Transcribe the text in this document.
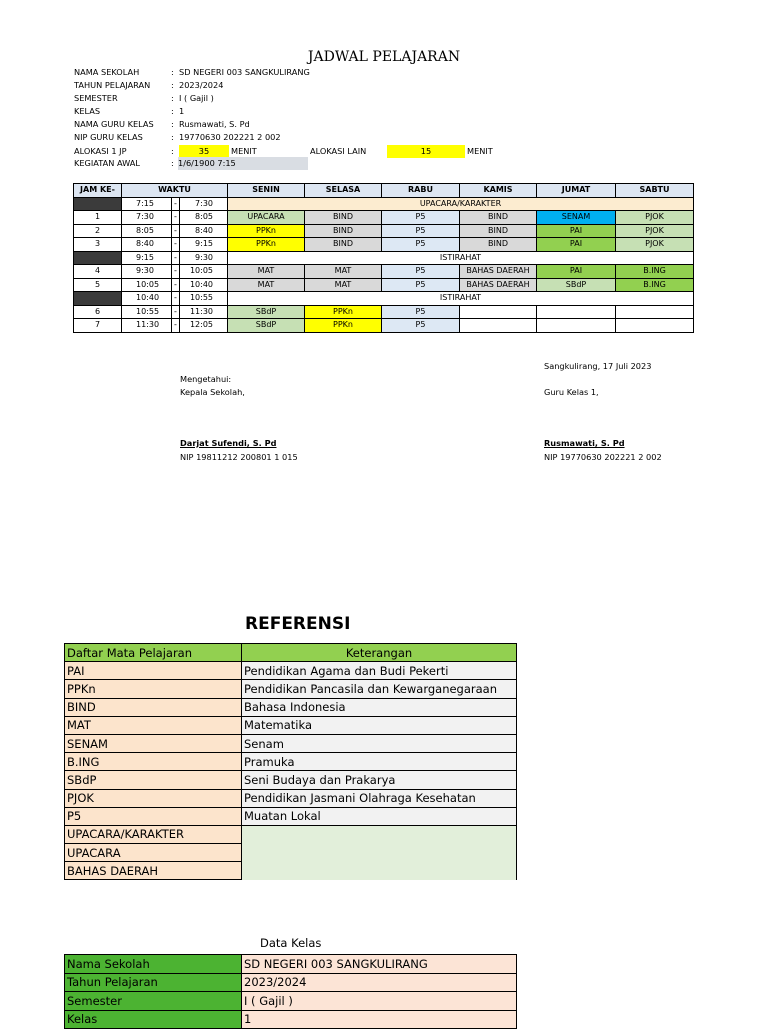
JADWAL PELAJARAN
NAMA SEKOLAH	: SD NEGERI 003 SANGKULIRANG
TAHUN PELAJARAN	: 2023/2024
SEMESTER	: I ( Gajil )
KELAS	: 1
NAMA GURU KELAS : Rusmawati, S. Pd
NIP GURU KELAS	: 19770630 202221 2 002
ALOKASI 1 JP	:	35	MENIT	ALOKASI LAIN	15	MENIT
KEGIATAN AWAL	: 1/6/1900 7:15
JAM KE-	WAKTU			SENIN	SELASA	RABU	KAMIS	JUMAT	SABTU
	7:15	-	7:30	UPACARA/KARAKTER					
1	7:30	-	8:05	UPACARA	BIND	P5	BIND	SENAM	PJOK
2	8:05	-	8:40	PPKn	BIND	P5	BIND	PAI	PJOK
3	8:40	-	9:15	PPKn	BIND	P5	BIND	PAI	PJOK
	9:15	-	9:30	ISTIRAHAT					
4	9:30	-	10:05	MAT	MAT	P5	BAHAS DAERAH	PAI	B.ING
5	10:05	-	10:40	MAT	MAT	P5	BAHAS DAERAH	SBdP	B.ING
	10:40	-	10:55	ISTIRAHAT					
6	10:55	-	11:30	SBdP	PPKn	P5			
7	11:30	-	12:05	SBdP	PPKn	P5			
Sangkulirang, 17 Juli 2023
Mengetahui:
Kepala Sekolah,	Guru Kelas 1,
Darjat Sufendi, S. Pd
NIP 19811212 200801 1 015
Rusmawati, S. Pd
NIP 19770630 202221 2 002
REFERENSI
Daftar Mata Pelajaran	Keterangan
PAI	Pendidikan Agama dan Budi Pekerti
PPKn	Pendidikan Pancasila dan Kewarganegaraan
BIND	Bahasa Indonesia
MAT	Matematika
SENAM	Senam
B.ING	Pramuka
SBdP	Seni Budaya dan Prakarya
PJOK	Pendidikan Jasmani Olahraga Kesehatan
P5	Muatan Lokal
UPACARA/KARAKTER	
UPACARA	
BAHAS DAERAH	
Data Kelas
Nama Sekolah	SD NEGERI 003 SANGKULIRANG
Tahun Pelajaran	2023/2024
Semester	I ( Gajil )
Kelas	1
